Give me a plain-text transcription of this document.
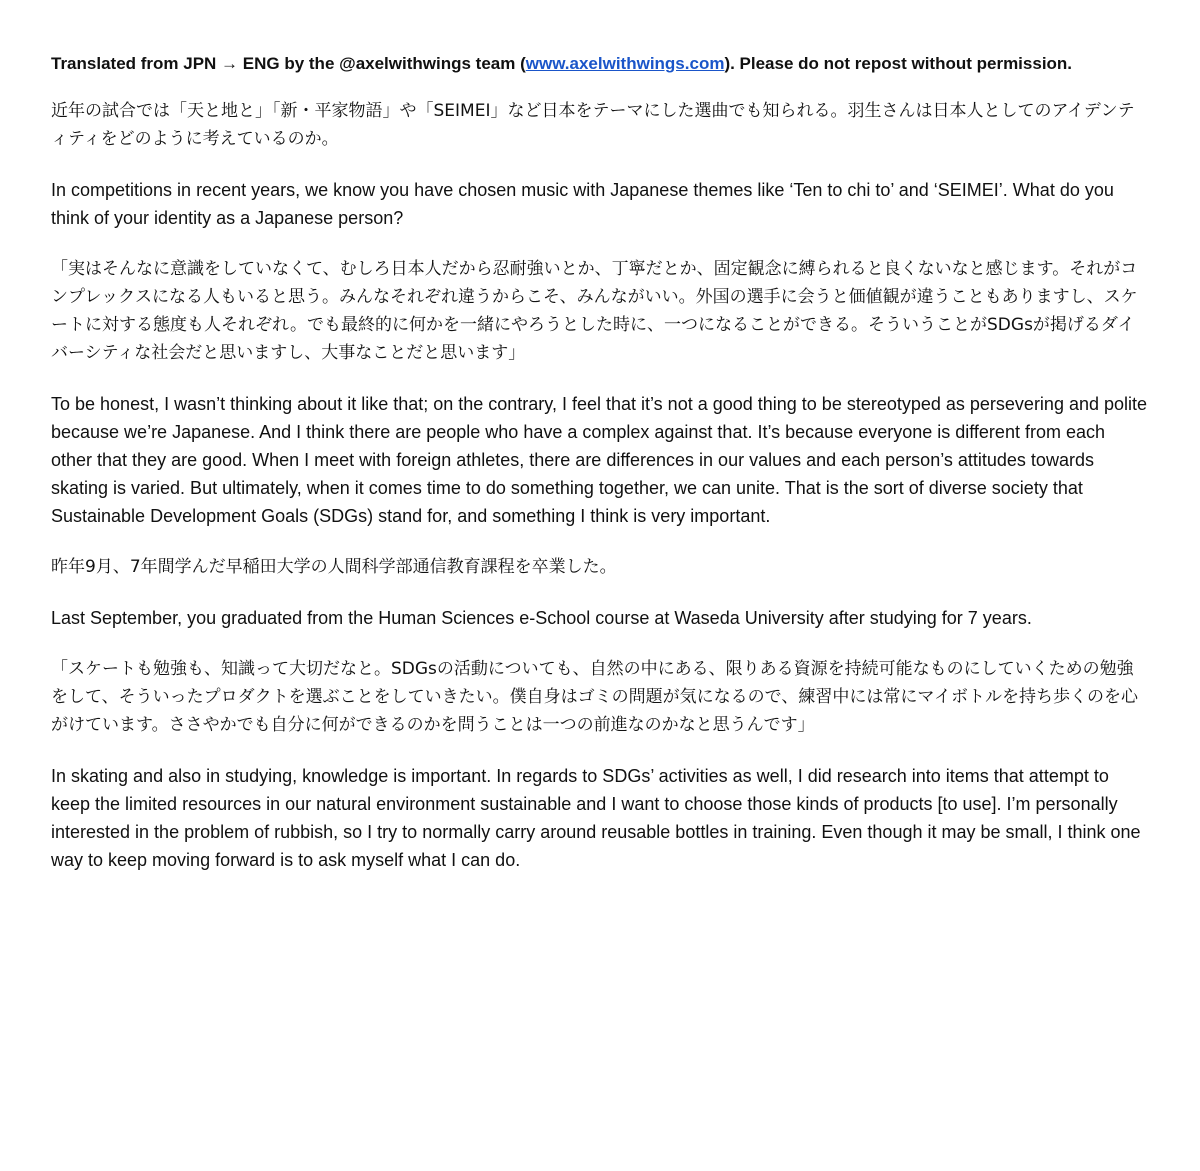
Translated from JPN → ENG by the @axelwithwings team (www.axelwithwings.com). Please do not repost without permission.

近年の試合では「天と地と」「新・平家物語」や「SEIMEI」など日本をテーマにした選曲でも知られる。羽生さんは日本人としてのアイデンティティをどのように考えているのか。

In competitions in recent years, we know you have chosen music with Japanese themes like ‘Ten to chi to’ and ‘SEIMEI’. What do you think of your identity as a Japanese person?

「実はそんなに意識をしていなくて、むしろ日本人だから忍耐強いとか、丁寧だとか、固定観念に縛られると良くないなと感じます。それがコンプレックスになる人もいると思う。みんなそれぞれ違うからこそ、みんながいい。外国の選手に会うと価値観が違うこともありますし、スケートに対する態度も人それぞれ。でも最終的に何かを一緒にやろうとした時に、一つになることができる。そういうことがSDGsが掲げるダイバーシティな社会だと思いますし、大事なことだと思います」

To be honest, I wasn’t thinking about it like that; on the contrary, I feel that it’s not a good thing to be stereotyped as persevering and polite because we’re Japanese. And I think there are people who have a complex against that. It’s because everyone is different from each other that they are good. When I meet with foreign athletes, there are differences in our values and each person’s attitudes towards skating is varied. But ultimately, when it comes time to do something together, we can unite. That is the sort of diverse society that Sustainable Development Goals (SDGs) stand for, and something I think is very important.

昨年9月、7年間学んだ早稲田大学の人間科学部通信教育課程を卒業した。

Last September, you graduated from the Human Sciences e-School course at Waseda University after studying for 7 years.

「スケートも勉強も、知識って大切だなと。SDGsの活動についても、自然の中にある、限りある資源を持続可能なものにしていくための勉強をして、そういったプロダクトを選ぶことをしていきたい。僕自身はゴミの問題が気になるので、練習中には常にマイボトルを持ち歩くのを心がけています。ささやかでも自分に何ができるのかを問うことは一つの前進なのかなと思うんです」

In skating and also in studying, knowledge is important. In regards to SDGs’ activities as well, I did research into items that attempt to keep the limited resources in our natural environment sustainable and I want to choose those kinds of products [to use]. I’m personally interested in the problem of rubbish, so I try to normally carry around reusable bottles in training. Even though it may be small, I think one way to keep moving forward is to ask myself what I can do.
